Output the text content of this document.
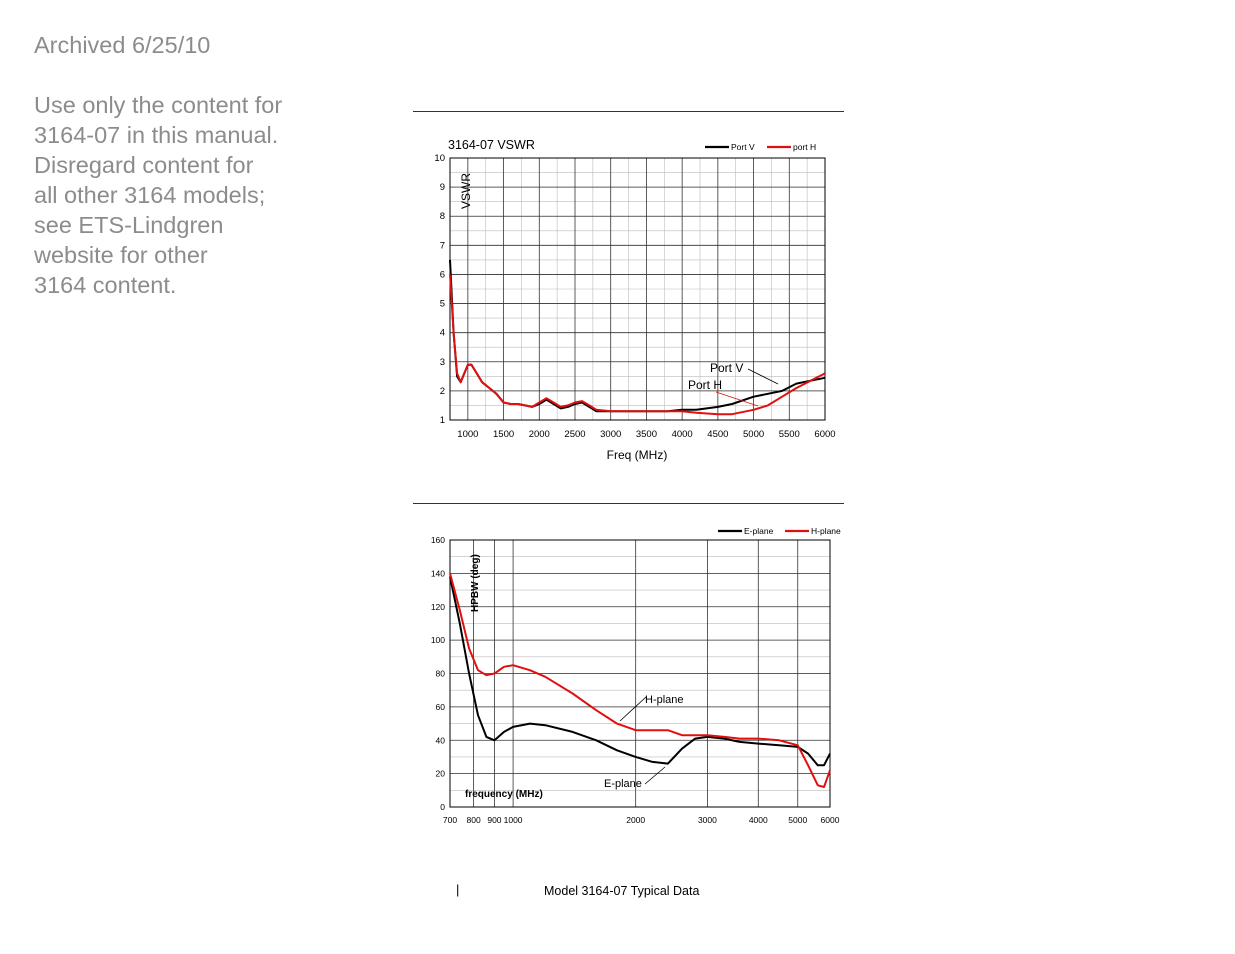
Archived 6/25/10
Use only the content for
3164-07 in this manual.
Disregard content for
all other 3164 models;
see ETS-Lindgren
website for other
3164 content.
1
2
3
4
5
6
7
8
9
10
1000 1500 2000 2500 3000 3500 4000 4500 5000 5500 6000
Port V	port H
3164-07 VSWR
Freq (MHz)
VSWR
Port V
Port H
0
20
40
60
80
100
120
140
160
700 800 900 1000	2000	3000	4000 5000 6000
E-plane	H-plane
frequency (MHz)
HPBW (deg)
H-plane
E-plane
|	Model 3164-07 Typical Data
